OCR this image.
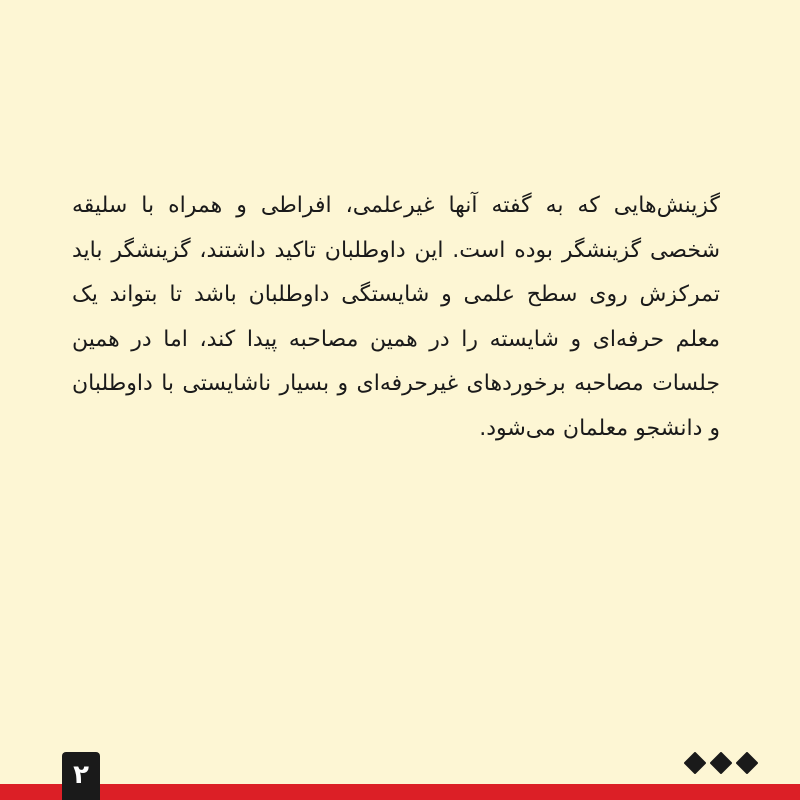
گزینش‌هایی که به گفته آنها غیرعلمی، افراطی و همراه با سلیقه شخصی گزینشگر بوده است. این داوطلبان تاکید داشتند، گزینشگر باید تمرکزش روی سطح علمی و شایستگی داوطلبان باشد تا بتواند یک معلم حرفه‌ای و شایسته را در همین مصاحبه پیدا کند، اما در همین جلسات مصاحبه برخوردهای غیرحرفه‌ای و بسیار ناشایستی با داوطلبان و دانشجو معلمان می‌شود.
۲
